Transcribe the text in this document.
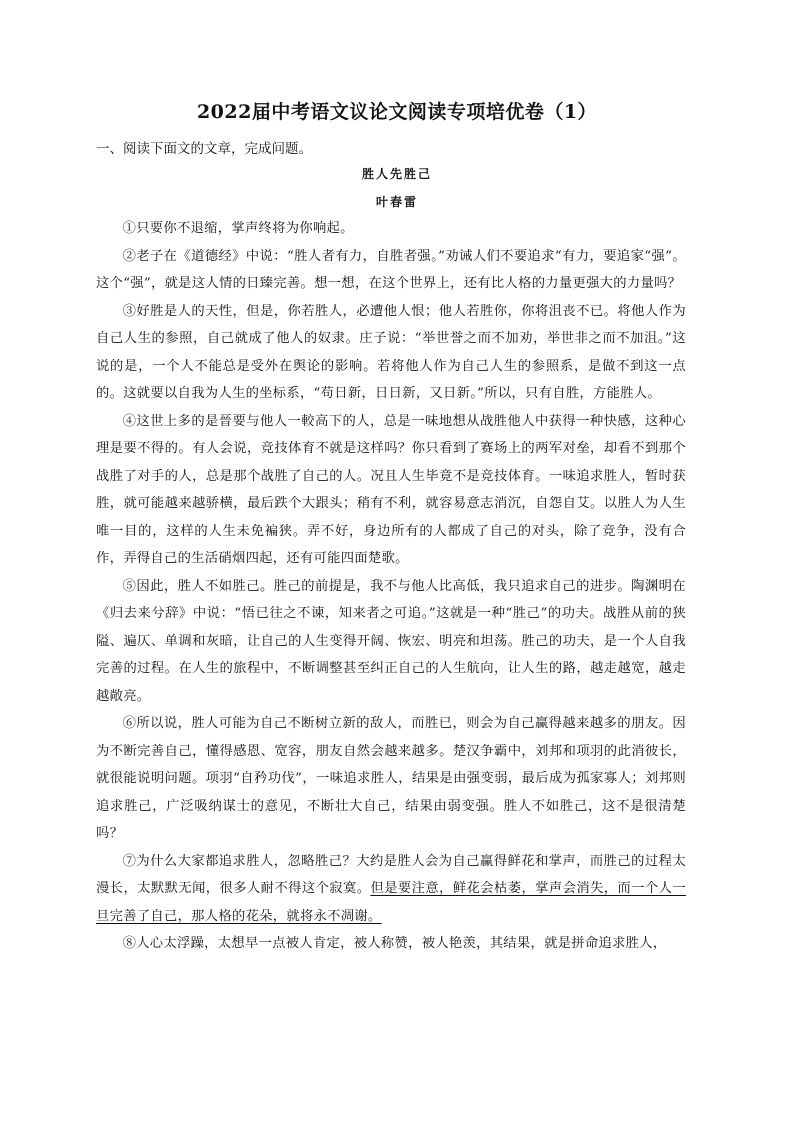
2022届中考语文议论文阅读专项培优卷（1）
一、阅读下面文的文章，完成问题。
胜人先胜己
叶春雷

①只要你不退缩，掌声终将为你响起。

②老子在《道德经》中说：“胜人者有力，自胜者强。”劝诫人们不要追求“有力，要追家“强”。这个“强”，就是这人情的日臻完善。想一想，在这个世界上，还有比人格的力量更强大的力量吗？

③好胜是人的天性，但是，你若胜人，必遭他人恨；他人若胜你，你将沮丧不已。将他人作为自己人生的参照，自己就成了他人的奴隶。庄子说：“举世誉之而不加劝，举世非之而不加沮。”这说的是，一个人不能总是受外在舆论的影响。若将他人作为自己人生的参照系，是做不到这一点的。这就要以自我为人生的坐标系，“苟日新，日日新，又日新。”所以，只有自胜，方能胜人。

④这世上多的是晉要与他人一較高下的人，总是一味地想从战胜他人中获得一种快感，这种心理是要不得的。有人会说，竞技体育不就是这样吗？你只看到了赛场上的两军对垒，却看不到那个战胜了对手的人，总是那个战胜了自己的人。况且人生毕竟不是竞技体育。一味追求胜人，暂时获胜，就可能越来越骄横，最后跌个大跟头；稍有不利，就容易意志消沉，自怨自艾。以胜人为人生唯一目的，这样的人生未免褊狭。弄不好，身边所有的人都成了自己的对头，除了竞争，没有合作，弄得自己的生活硝烟四起，还有可能四面楚歌。

⑤因此，胜人不如胜己。胜己的前提是，我不与他人比高低，我只追求自己的进步。陶渊明在《归去来兮辞》中说：“悟已往之不谏，知来者之可追。”这就是一种“胜己”的功夫。战胜从前的狭隘、遍仄、单调和灰暗，让自己的人生变得开阔、恢宏、明亮和坦荡。胜己的功夫，是一个人自我完善的过程。在人生的旅程中，不断调整甚至纠正自己的人生航向，让人生的路，越走越宽，越走越敞亮。

⑥所以说，胜人可能为自己不断树立新的敌人，而胜已，则会为自己赢得越来越多的朋友。因为不断完善自己，懂得感恩、宽容，朋友自然会越来越多。楚汉争霸中，刘邦和项羽的此消彼长，就很能说明问题。项羽“自矜功伐”，一味追求胜人，结果是由强变弱，最后成为孤家寡人；刘邦则追求胜己，广泛吸纳谋士的意见，不断壮大自己，结果由弱变强。胜人不如胜己，这不是很清楚吗？

⑦为什么大家都追求胜人，忽略胜己？大约是胜人会为自己赢得鲜花和掌声，而胜己的过程太漫长，太默默无闻，很多人耐不得这个寂寞。但是要注意，鲜花会枯萎，掌声会消失，而一个人一旦完善了自己，那人格的花朵，就将永不凋谢。

⑧人心太浮躁，太想早一点被人肯定，被人称赞，被人艳羡，其结果，就是拼命追求胜人，
